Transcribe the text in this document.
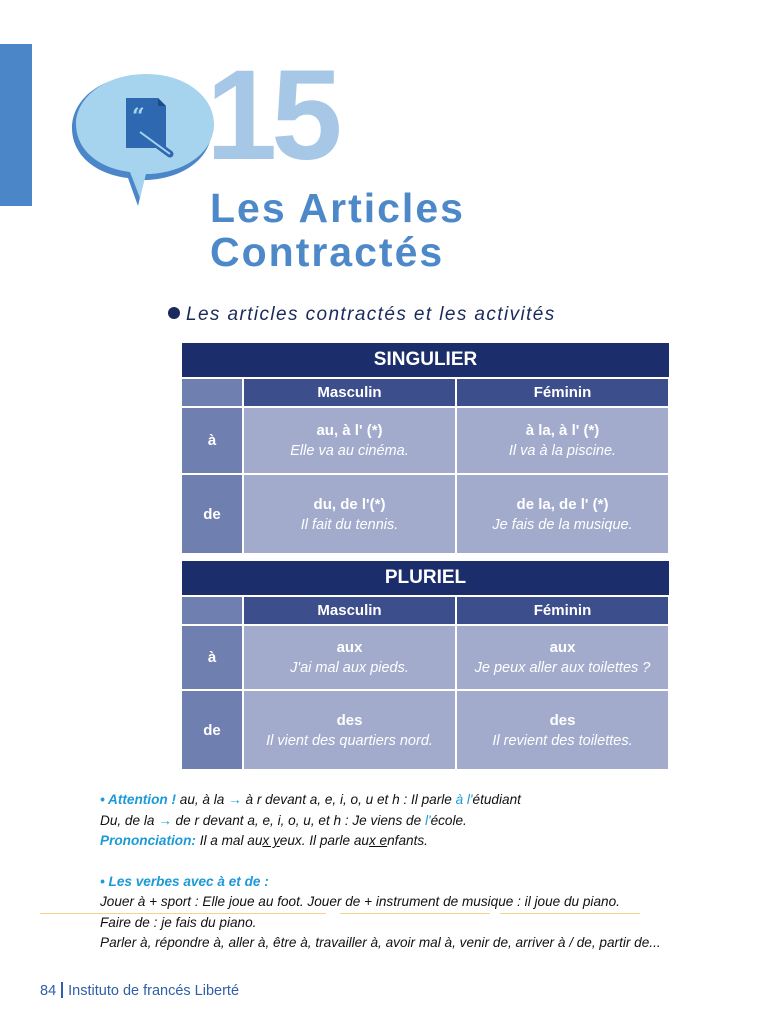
“ 15
Les Articles
Contractés
Les articles contractés et les activités
SINGULIER
Masculin	Féminin
à
au, à l' (*)
Elle va au cinéma.
à la, à l' (*)
Il va à la piscine.
de
du, de l'(*)
Il fait du tennis.
de la, de l' (*)
Je fais de la musique.
PLURIEL
Masculin	Féminin
à
aux
J'ai mal aux pieds.
aux
Je peux aller aux toilettes ?
de
des
Il vient des quartiers nord.
des
Il revient des toilettes.
• Attention ! au, à la → à r devant a, e, i, o, u et h : Il parle à l'étudiant
Du, de la → de r devant a, e, i, o, u, et h : Je viens de l'école.
Prononciation: Il a mal aux yeux. Il parle aux enfants.
• Les verbes avec à et de :
Jouer à + sport : Elle joue au foot. Jouer de + instrument de musique : il joue du piano.
Faire de : je fais du piano.
Parler à, répondre à, aller à, être à, travailler à, avoir mal à, venir de, arriver à / de, partir de...
84 Instituto de francés Liberté
